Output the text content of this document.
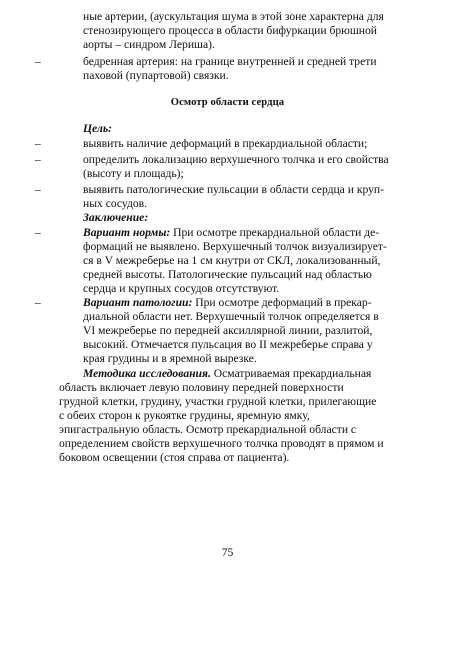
ные артерии, (аускультация шума в этой зоне характерна для
стенозирующего процесса в области бифуркации брюшной
аорты – синдром Лериша).
–	бедренная артерия: на границе внутренней и средней трети
паховой (пупартовой) связки.
Осмотр области сердца
Цель:
–	выявить наличие деформаций в прекардиальной области;
–	определить локализацию верхушечного толчка и его свойства
(высоту и площадь);
–	выявить патологические пульсации в области сердца и круп-
ных сосудов.
Заключение:
–	Вариант нормы: При осмотре прекардиальной области де-
формаций не выявлено. Верхушечный толчок визуализирует-
ся в V межреберье на 1 см кнутри от СКЛ, локализованный,
средней высоты. Патологические пульсаций над областью
сердца и крупных сосудов отсутствуют.
–	Вариант патологии: При осмотре деформаций в прекар-
диальной области нет. Верхушечный толчок определяется в
VI межреберье по передней аксиллярной линии, разлитой,
высокий. Отмечается пульсация во II межреберье справа у
края грудины и в яремной вырезке.
Методика исследования. Осматриваемая прекардиальная
область включает левую половину передней поверхности
грудной клетки, грудину, участки грудной клетки, прилегающие
с обеих сторон к рукоятке грудины, яремную ямку,
эпигастральную область. Осмотр прекардиальной области с
определением свойств верхушечного толчка проводят в прямом и
боковом освещении (стоя справа от пациента).
75
